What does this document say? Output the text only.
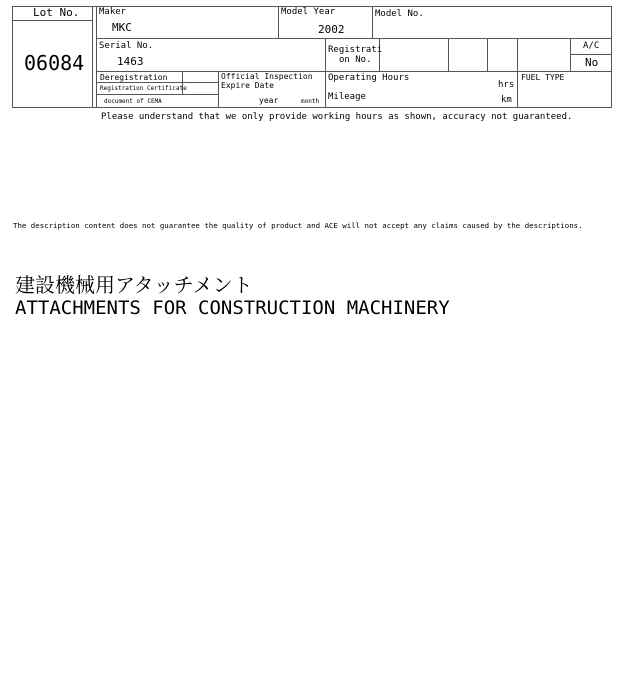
Lot No.
06084
Maker
MKC
Model Year
2002
Model No.
Serial No.
1463
Registrati
on No.
A/C
No
Deregistration
Registration Certificate
document of CEMA
Official Inspection
Expire Date
year	month
Operating Hours
hrs
Mileage	km
FUEL TYPE
Please understand that we only provide working hours as shown, accuracy not guaranteed.
The description content does not guarantee the quality of product and ACE will not accept any claims caused by the descriptions.
建設機械用アタッチメント
ATTACHMENTS FOR CONSTRUCTION MACHINERY
